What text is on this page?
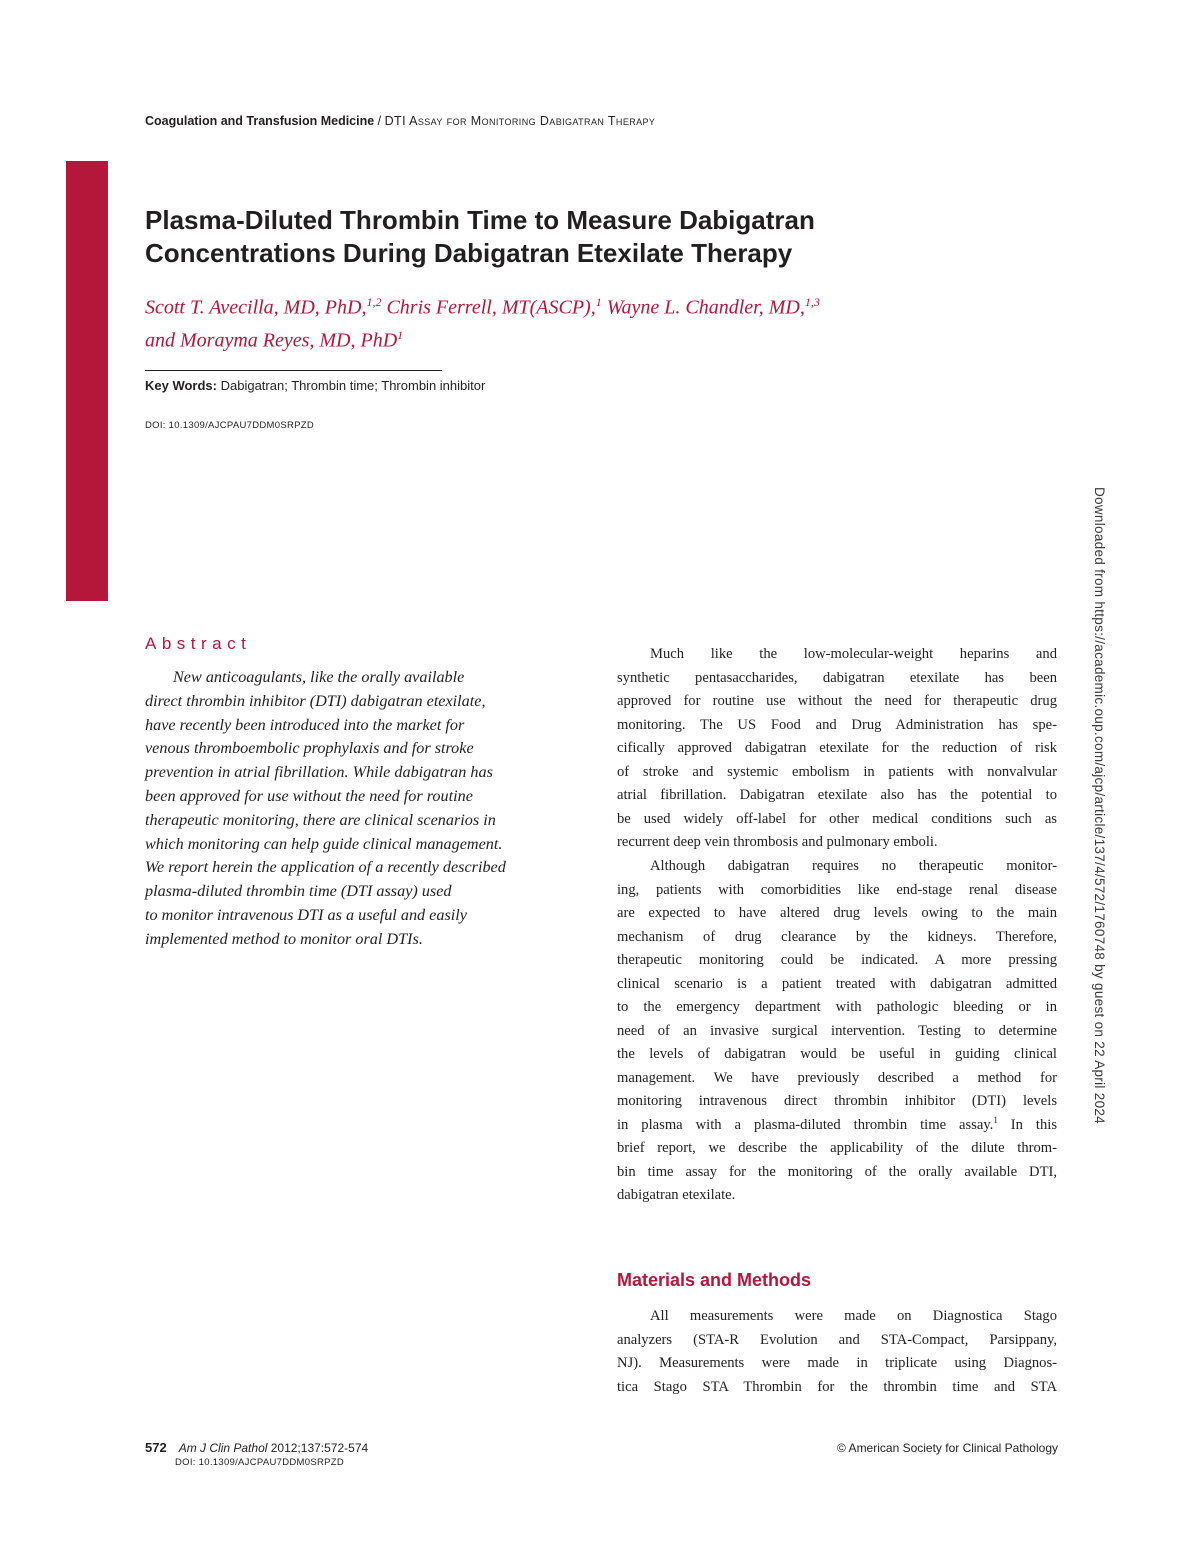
Coagulation and Transfusion Medicine / DTI Assay for Monitoring Dabigatran Therapy
Plasma-Diluted Thrombin Time to Measure Dabigatran
Concentrations During Dabigatran Etexilate Therapy
Scott T. Avecilla, MD, PhD,$^{1,2}$ Chris Ferrell, MT(ASCP),$^1$ Wayne L. Chandler, MD,$^{1,3}$
and Morayma Reyes, MD, PhD$^1$
Key Words: Dabigatran; Thrombin time; Thrombin inhibitor
DOI: 10.1309/AJCPAU7DDM0SRPZD
Downloaded from https://academic.oup.com/ajcp/article/137/4/572/1760748 by guest on 22 April 2024
Abstract
New anticoagulants, like the orally available
direct thrombin inhibitor (DTI) dabigatran etexilate,
have recently been introduced into the market for
venous thromboembolic prophylaxis and for stroke
prevention in atrial fibrillation. While dabigatran has
been approved for use without the need for routine
therapeutic monitoring, there are clinical scenarios in
which monitoring can help guide clinical management.
We report herein the application of a recently described
plasma-diluted thrombin time (DTI assay) used
to monitor intravenous DTI as a useful and easily
implemented method to monitor oral DTIs.
Much like the low-molecular-weight heparins and
synthetic pentasaccharides, dabigatran etexilate has been
approved for routine use without the need for therapeutic drug
monitoring. The US Food and Drug Administration has spe-
cifically approved dabigatran etexilate for the reduction of risk
of stroke and systemic embolism in patients with nonvalvular
atrial fibrillation. Dabigatran etexilate also has the potential to
be used widely off-label for other medical conditions such as
recurrent deep vein thrombosis and pulmonary emboli.
Although dabigatran requires no therapeutic monitor-
ing, patients with comorbidities like end-stage renal disease
are expected to have altered drug levels owing to the main
mechanism of drug clearance by the kidneys. Therefore,
therapeutic monitoring could be indicated. A more pressing
clinical scenario is a patient treated with dabigatran admitted
to the emergency department with pathologic bleeding or in
need of an invasive surgical intervention. Testing to determine
the levels of dabigatran would be useful in guiding clinical
management. We have previously described a method for
monitoring intravenous direct thrombin inhibitor (DTI) levels
in plasma with a plasma-diluted thrombin time assay.$^1$ In this
brief report, we describe the applicability of the dilute throm-
bin time assay for the monitoring of the orally available DTI,
dabigatran etexilate.
Materials and Methods
All measurements were made on Diagnostica Stago
analyzers (STA-R Evolution and STA-Compact, Parsippany,
NJ). Measurements were made in triplicate using Diagnos-
tica Stago STA Thrombin for the thrombin time and STA
572 Am J Clin Pathol 2012;137:572-574
DOI: 10.1309/AJCPAU7DDM0SRPZD
© American Society for Clinical Pathology
